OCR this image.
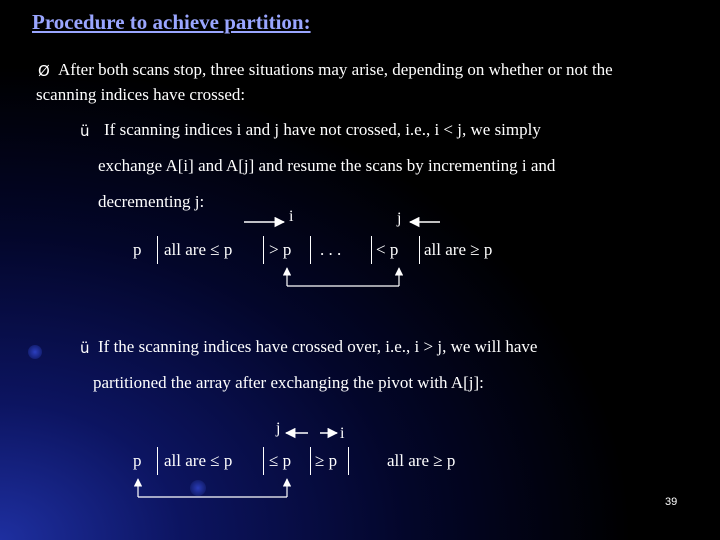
Procedure to achieve partition:
Ø After both scans stop, three situations may arise, depending on whether or not the
scanning indices have crossed:
ü If scanning indices i and j have not crossed, i.e., i < j, we simply
exchange A[i] and A[j] and resume the scans by incrementing i and
decrementing j:
i	j
p all are ≤ p > p . . . < p all are ≥ p
ü If the scanning indices have crossed over, i.e., i > j, we will have
partitioned the array after exchanging the pivot with A[j]:
j	i
p all are ≤ p ≤ p ≥ p	all are ≥ p
39
